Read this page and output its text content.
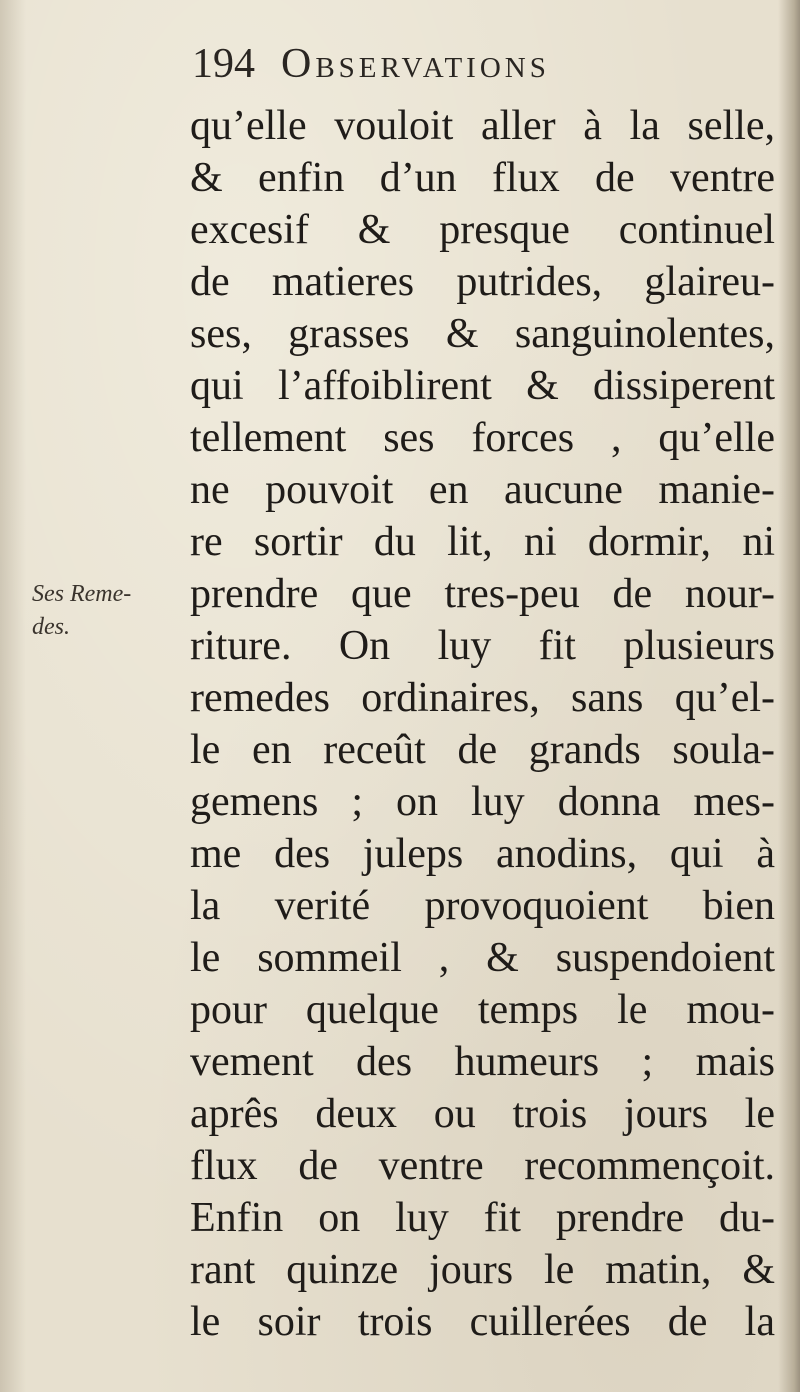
194 Observations
Ses Reme-
des.
qu’elle vouloit aller à la selle,
& enfin d’un flux de ventre
excesif & presque continuel
de matieres putrides, glaireu-
ses, grasses & sanguinolentes,
qui l’affoiblirent & dissiperent
tellement ses forces , qu’elle
ne pouvoit en aucune manie-
re sortir du lit, ni dormir, ni
prendre que tres-peu de nour-
riture. On luy fit plusieurs
remedes ordinaires, sans qu’el-
le en receût de grands soula-
gemens ; on luy donna mes-
me des juleps anodins, qui à
la verité provoquoient bien
le sommeil , & suspendoient
pour quelque temps le mou-
vement des humeurs ; mais
aprês deux ou trois jours le
flux de ventre recommençoit.
Enfin on luy fit prendre du-
rant quinze jours le matin, &
le soir trois cuillerées de la
